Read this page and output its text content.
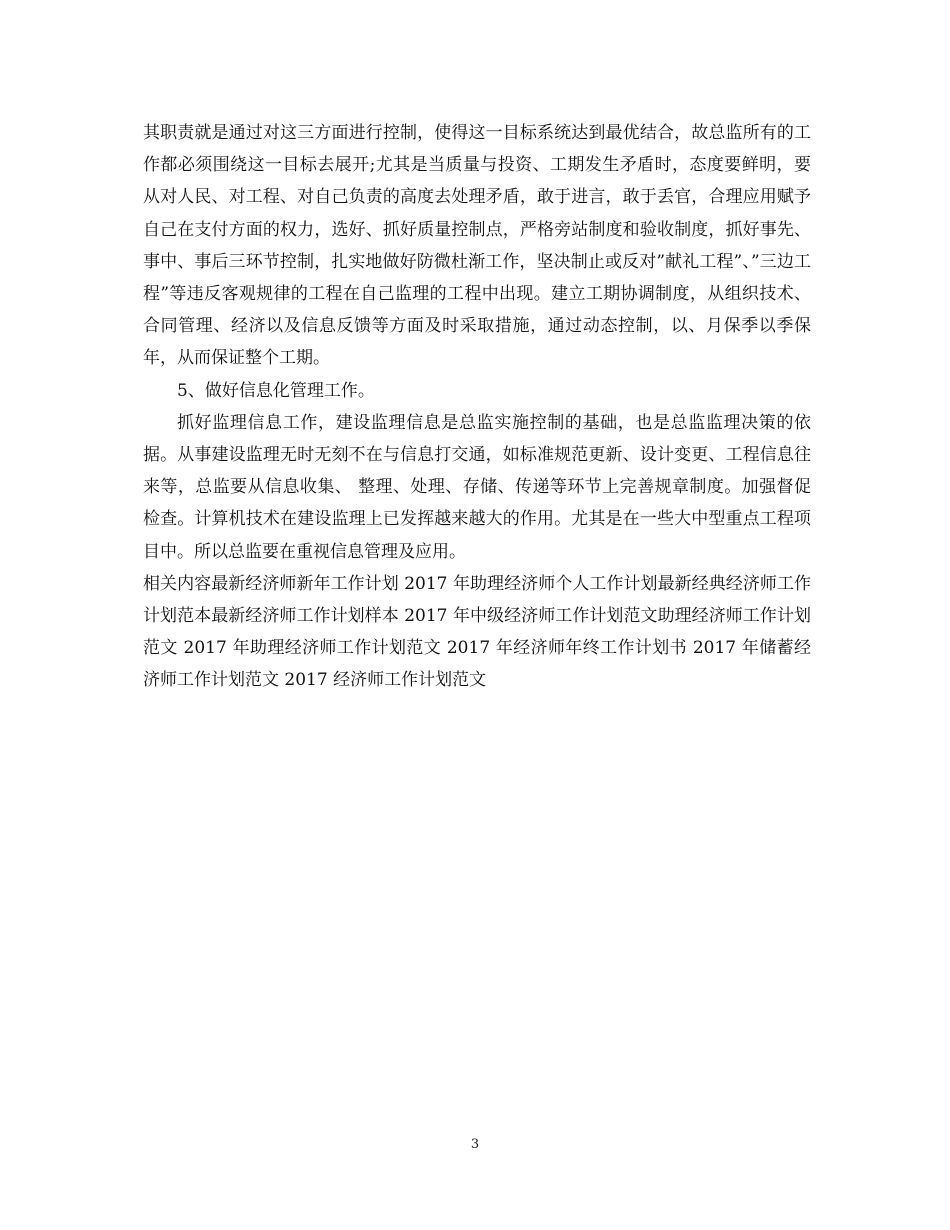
其职责就是通过对这三方面进行控制，使得这一目标系统达到最优结合，故总监所有的工作都必须围绕这一目标去展开;尤其是当质量与投资、工期发生矛盾时，态度要鲜明，要从对人民、对工程、对自己负责的高度去处理矛盾，敢于进言，敢于丢官，合理应用赋予自己在支付方面的权力，选好、抓好质量控制点，严格旁站制度和验收制度，抓好事先、事中、事后三环节控制，扎实地做好防微杜渐工作，坚决制止或反对”献礼工程”、”三边工程”等违反客观规律的工程在自己监理的工程中出现。建立工期协调制度，从组织技术、合同管理、经济以及信息反馈等方面及时采取措施，通过动态控制，以、月保季以季保年，从而保证整个工期。

5、做好信息化管理工作。

抓好监理信息工作，建设监理信息是总监实施控制的基础，也是总监监理决策的依据。从事建设监理无时无刻不在与信息打交通，如标准规范更新、设计变更、工程信息往来等，总监要从信息收集、 整理、处理、存储、传递等环节上完善规章制度。加强督促检查。计算机技术在建设监理上已发挥越来越大的作用。尤其是在一些大中型重点工程项目中。所以总监要在重视信息管理及应用。

相关内容最新经济师新年工作计划 2017 年助理经济师个人工作计划最新经典经济师工作计划范本最新经济师工作计划样本 2017 年中级经济师工作计划范文助理经济师工作计划范文 2017 年助理经济师工作计划范文 2017 年经济师年终工作计划书 2017 年储蓄经济师工作计划范文 2017 经济师工作计划范文

3
